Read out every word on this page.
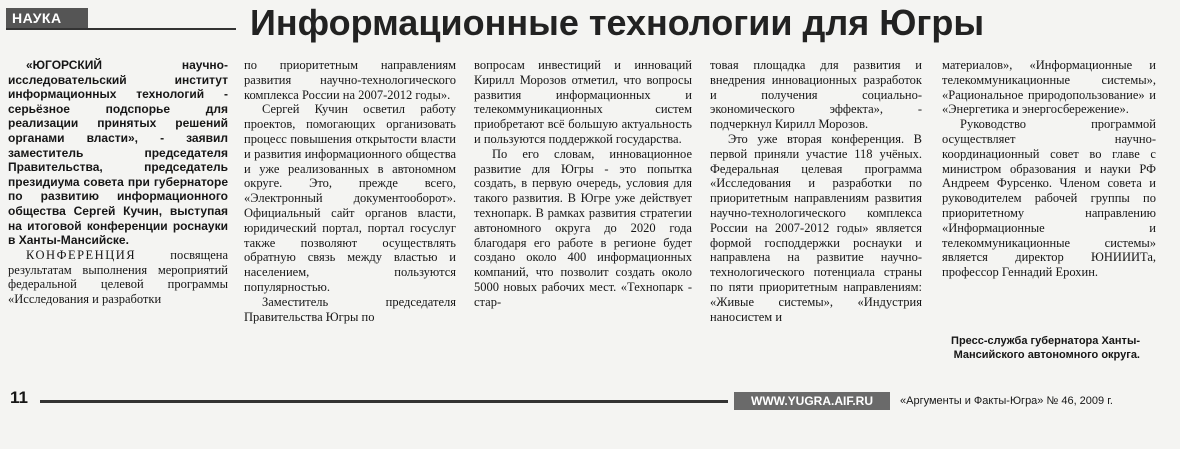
НАУКА	Информационные технологии для Югры

«ЮГОРСКИЙ научно-исследовательский институт информационных технологий - серьёзное подспорье для реализации принятых решений органами власти», - заявил заместитель председателя Правительства, председатель президиума совета при губернаторе по развитию информационного общества Сергей Кучин, выступая на итоговой конференции роснауки в Ханты-Мансийске.

КОНФЕРЕНЦИЯ посвящена результатам выполнения мероприятий федеральной целевой программы «Исследования и разработки

по приоритетным направлениям развития научно-технологического комплекса России на 2007-2012 годы».

Сергей Кучин осветил работу проектов, помогающих организовать процесс повышения открытости власти и развития информационного общества и уже реализованных в автономном округе. Это, прежде всего, «Электронный документооборот». Официальный сайт органов власти, юридический портал, портал госуслуг также позволяют осуществлять обратную связь между властью и населением, пользуются популярностью.

Заместитель председателя Правительства Югры по

вопросам инвестиций и инноваций Кирилл Морозов отметил, что вопросы развития информационных и телекоммуникационных систем приобретают всё большую актуальность и пользуются поддержкой государства.

По его словам, инновационное развитие для Югры - это попытка создать, в первую очередь, условия для такого развития. В Югре уже действует технопарк. В рамках развития стратегии автономного округа до 2020 года благодаря его работе в регионе будет создано около 400 информационных компаний, что позволит создать около 5000 новых рабочих мест. «Технопарк - стар-

товая площадка для развития и внедрения инновационных разработок и получения социально-экономического эффекта», - подчеркнул Кирилл Морозов.

Это уже вторая конференция. В первой приняли участие 118 учёных. Федеральная целевая программа «Исследования и разработки по приоритетным направлениям развития научно-технологического комплекса России на 2007-2012 годы» является формой господдержки роснауки и направлена на развитие научно-технологического потенциала страны по пяти приоритетным направлениям: «Живые системы», «Индустрия наносистем и

материалов», «Информационные и телекоммуникационные системы», «Рациональное природопользование» и «Энергетика и энергосбережение».

Руководство программой осуществляет научно-координационный совет во главе с министром образования и науки РФ Андреем Фурсенко. Членом совета и руководителем рабочей группы по приоритетному направлению «Информационные и телекоммуникационные системы» является директор ЮНИИИТа, профессор Геннадий Ерохин.

Пресс-служба губернатора Ханты-Мансийского автономного округа.
11	WWW.YUGRA.AIF.RU	«Аргументы и Факты-Югра» № 46, 2009 г.
